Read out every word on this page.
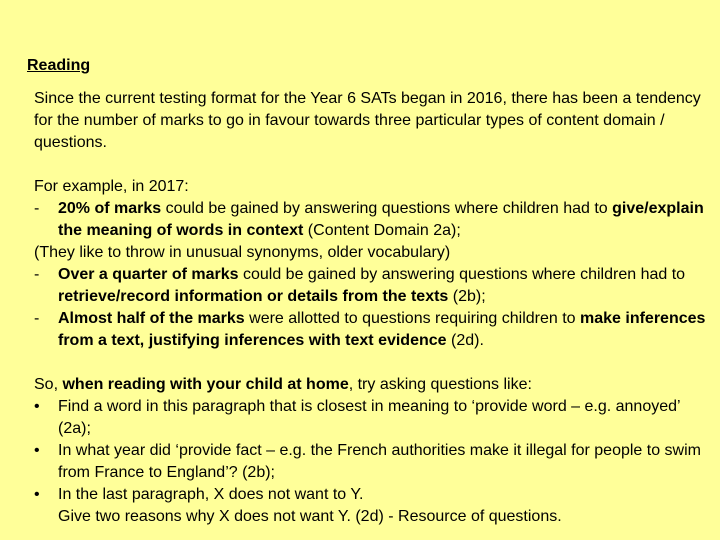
Reading

Since the current testing format for the Year 6 SATs began in 2016, there has been a tendency for the number of marks to go in favour towards three particular types of content domain / questions.

For example, in 2017:

-	20% of marks could be gained by answering questions where children had to give/explain the meaning of words in context (Content Domain 2a);

(They like to throw in unusual synonyms, older vocabulary)

-	Over a quarter of marks could be gained by answering questions where children had to retrieve/record information or details from the texts (2b);
-	Almost half of the marks were allotted to questions requiring children to make inferences from a text, justifying inferences with text evidence (2d).

So, when reading with your child at home, try asking questions like:

•	Find a word in this paragraph that is closest in meaning to ‘provide word – e.g. annoyed’ (2a);
•	In what year did ‘provide fact – e.g. the French authorities make it illegal for people to swim from France to England’? (2b);
•	In the last paragraph, X does not want to Y.
Give two reasons why X does not want Y. (2d) - Resource of questions.
